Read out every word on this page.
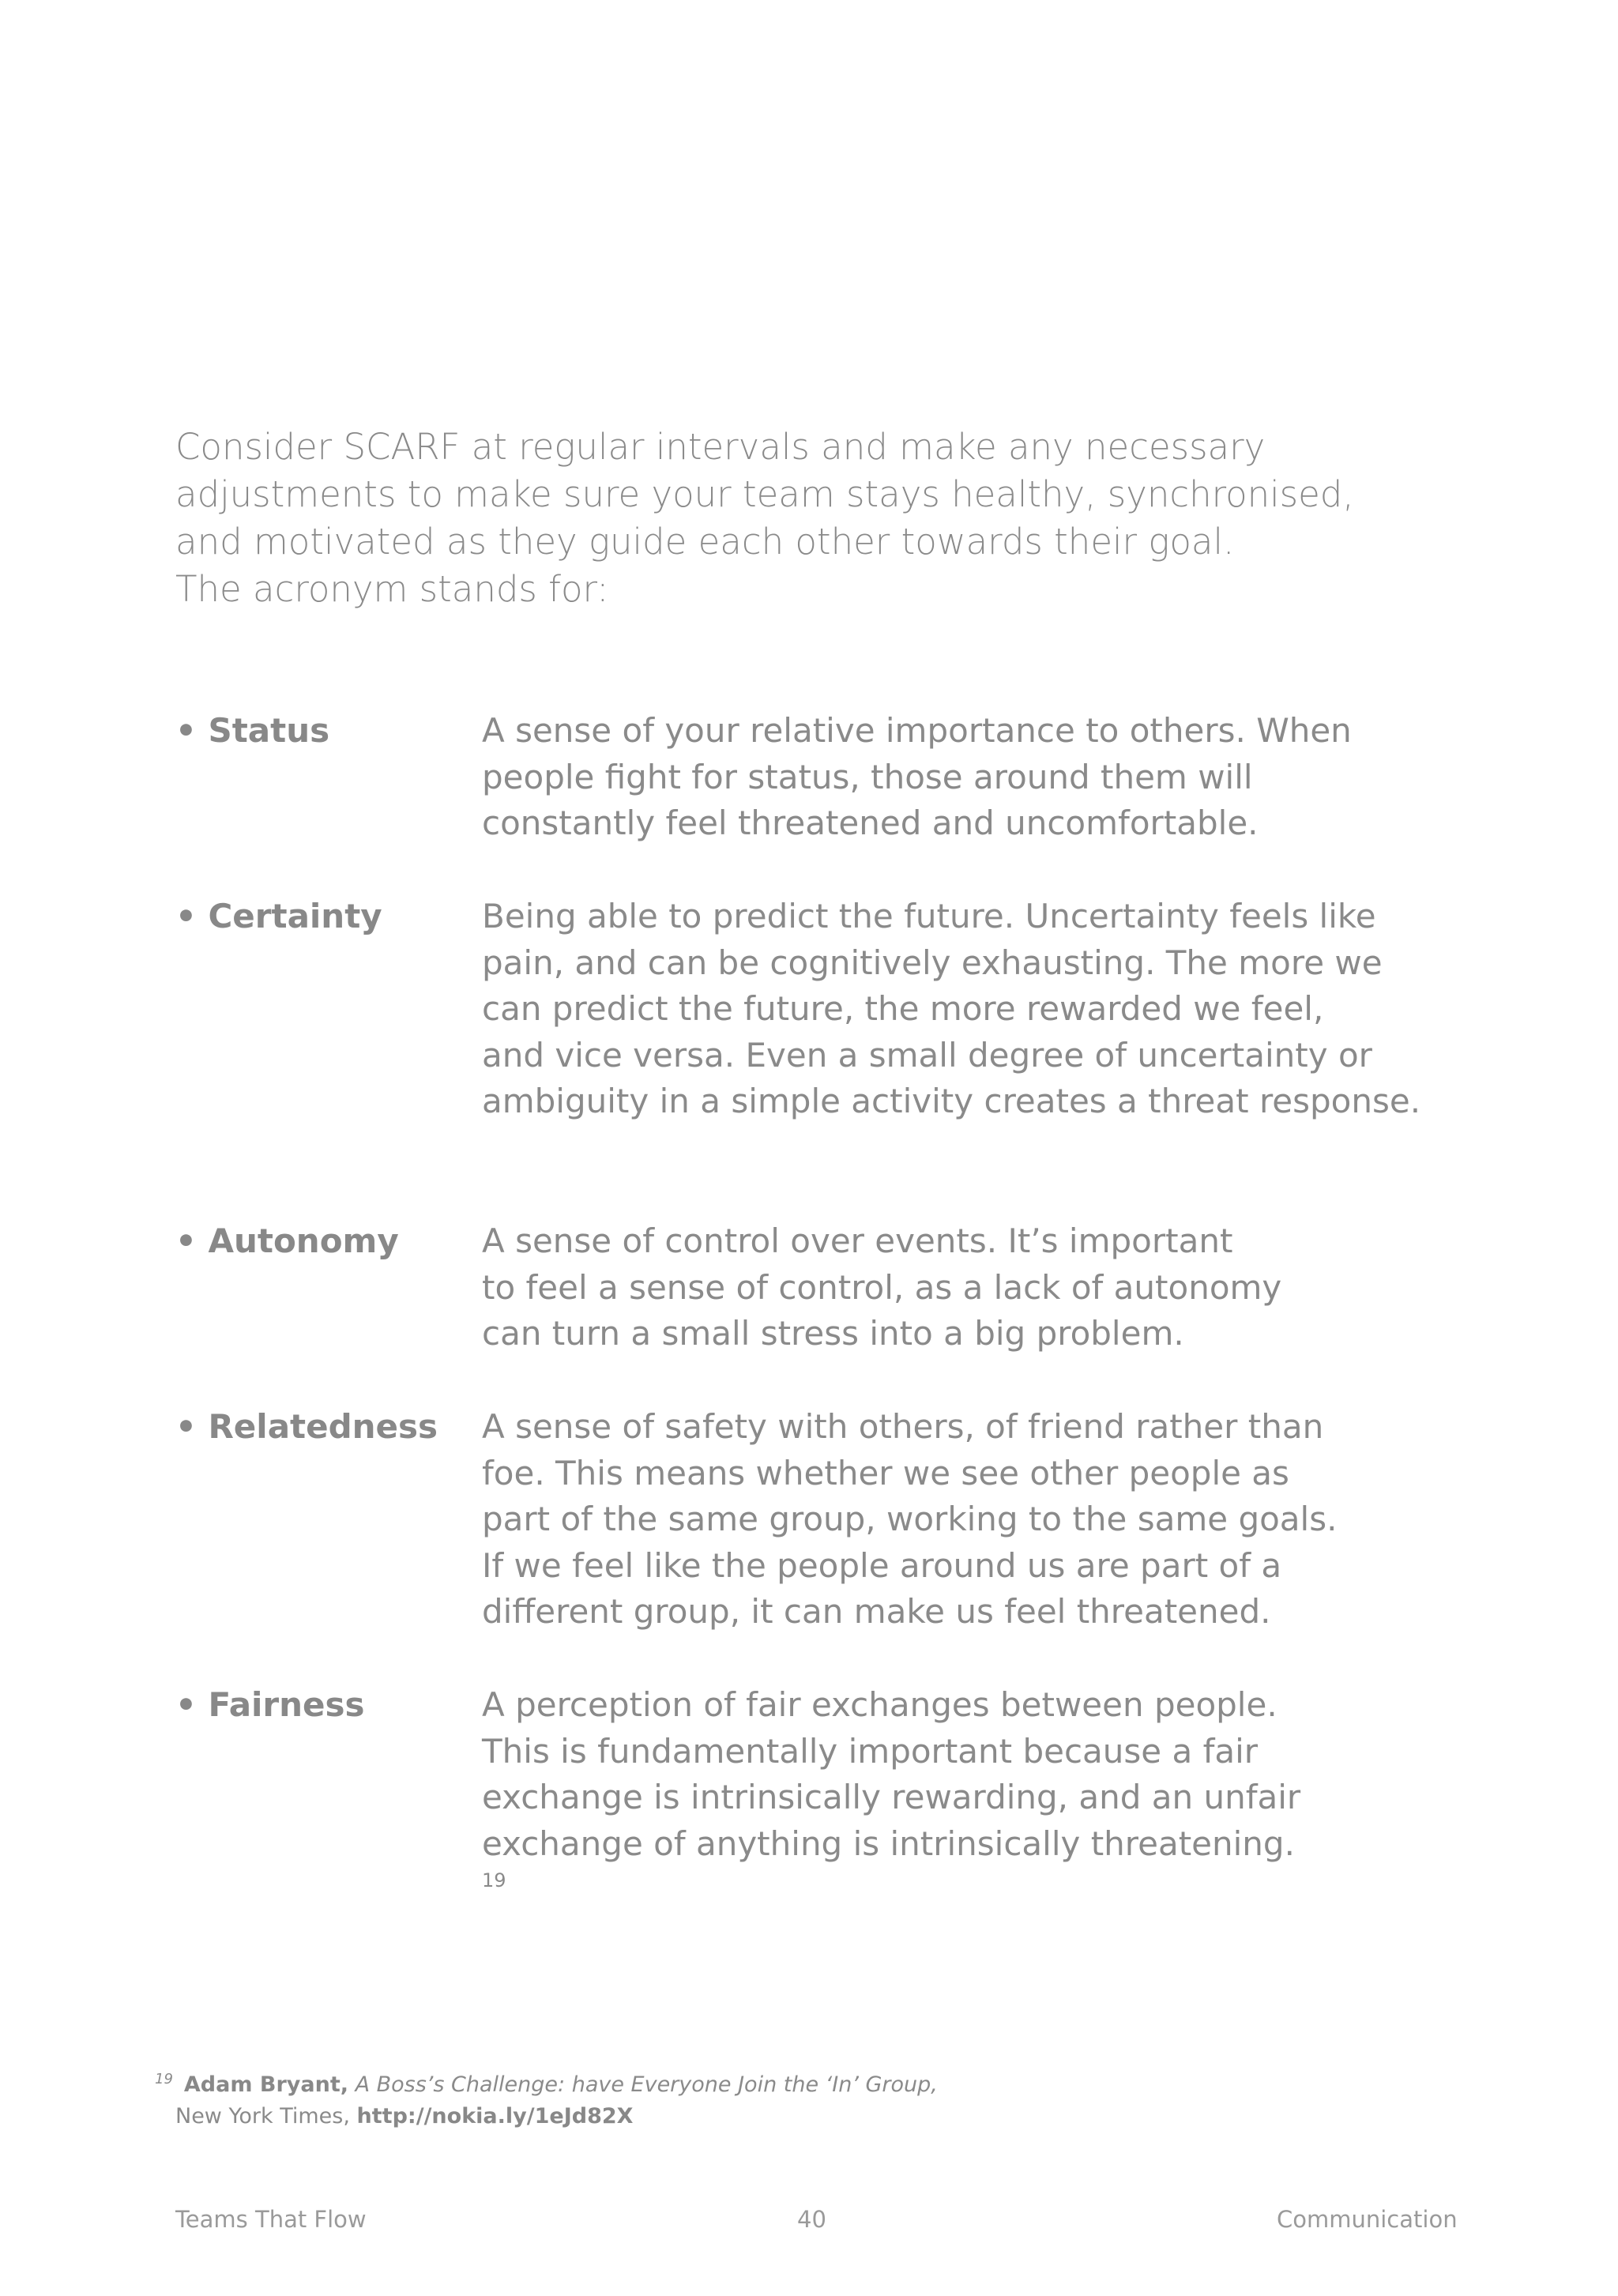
Consider SCARF at regular intervals and make any necessary
adjustments to make sure your team stays healthy, synchronised,
and motivated as they guide each other towards their goal.
The acronym stands for:
• Status	A sense of your relative importance to others. When
people fight for status, those around them will
constantly feel threatened and uncomfortable.
• Certainty	Being able to predict the future. Uncertainty feels like
pain, and can be cognitively exhausting. The more we
can predict the future, the more rewarded we feel,
and vice versa. Even a small degree of uncertainty or
ambiguity in a simple activity creates a threat response.
• Autonomy	A sense of control over events. It’s important
to feel a sense of control, as a lack of autonomy
can turn a small stress into a big problem.
• Relatedness A sense of safety with others, of friend rather than
foe. This means whether we see other people as
part of the same group, working to the same goals.
If we feel like the people around us are part of a
different group, it can make us feel threatened.
• Fairness	A perception of fair exchanges between people.
This is fundamentally important because a fair
exchange is intrinsically rewarding, and an unfair
exchange of anything is intrinsically threatening.
$^{19}$
$^{19}$ Adam Bryant, A Boss’s Challenge: have Everyone Join the ‘In’ Group,
New York Times, http://nokia.ly/1eJd82X
Teams That Flow	40	Communication
